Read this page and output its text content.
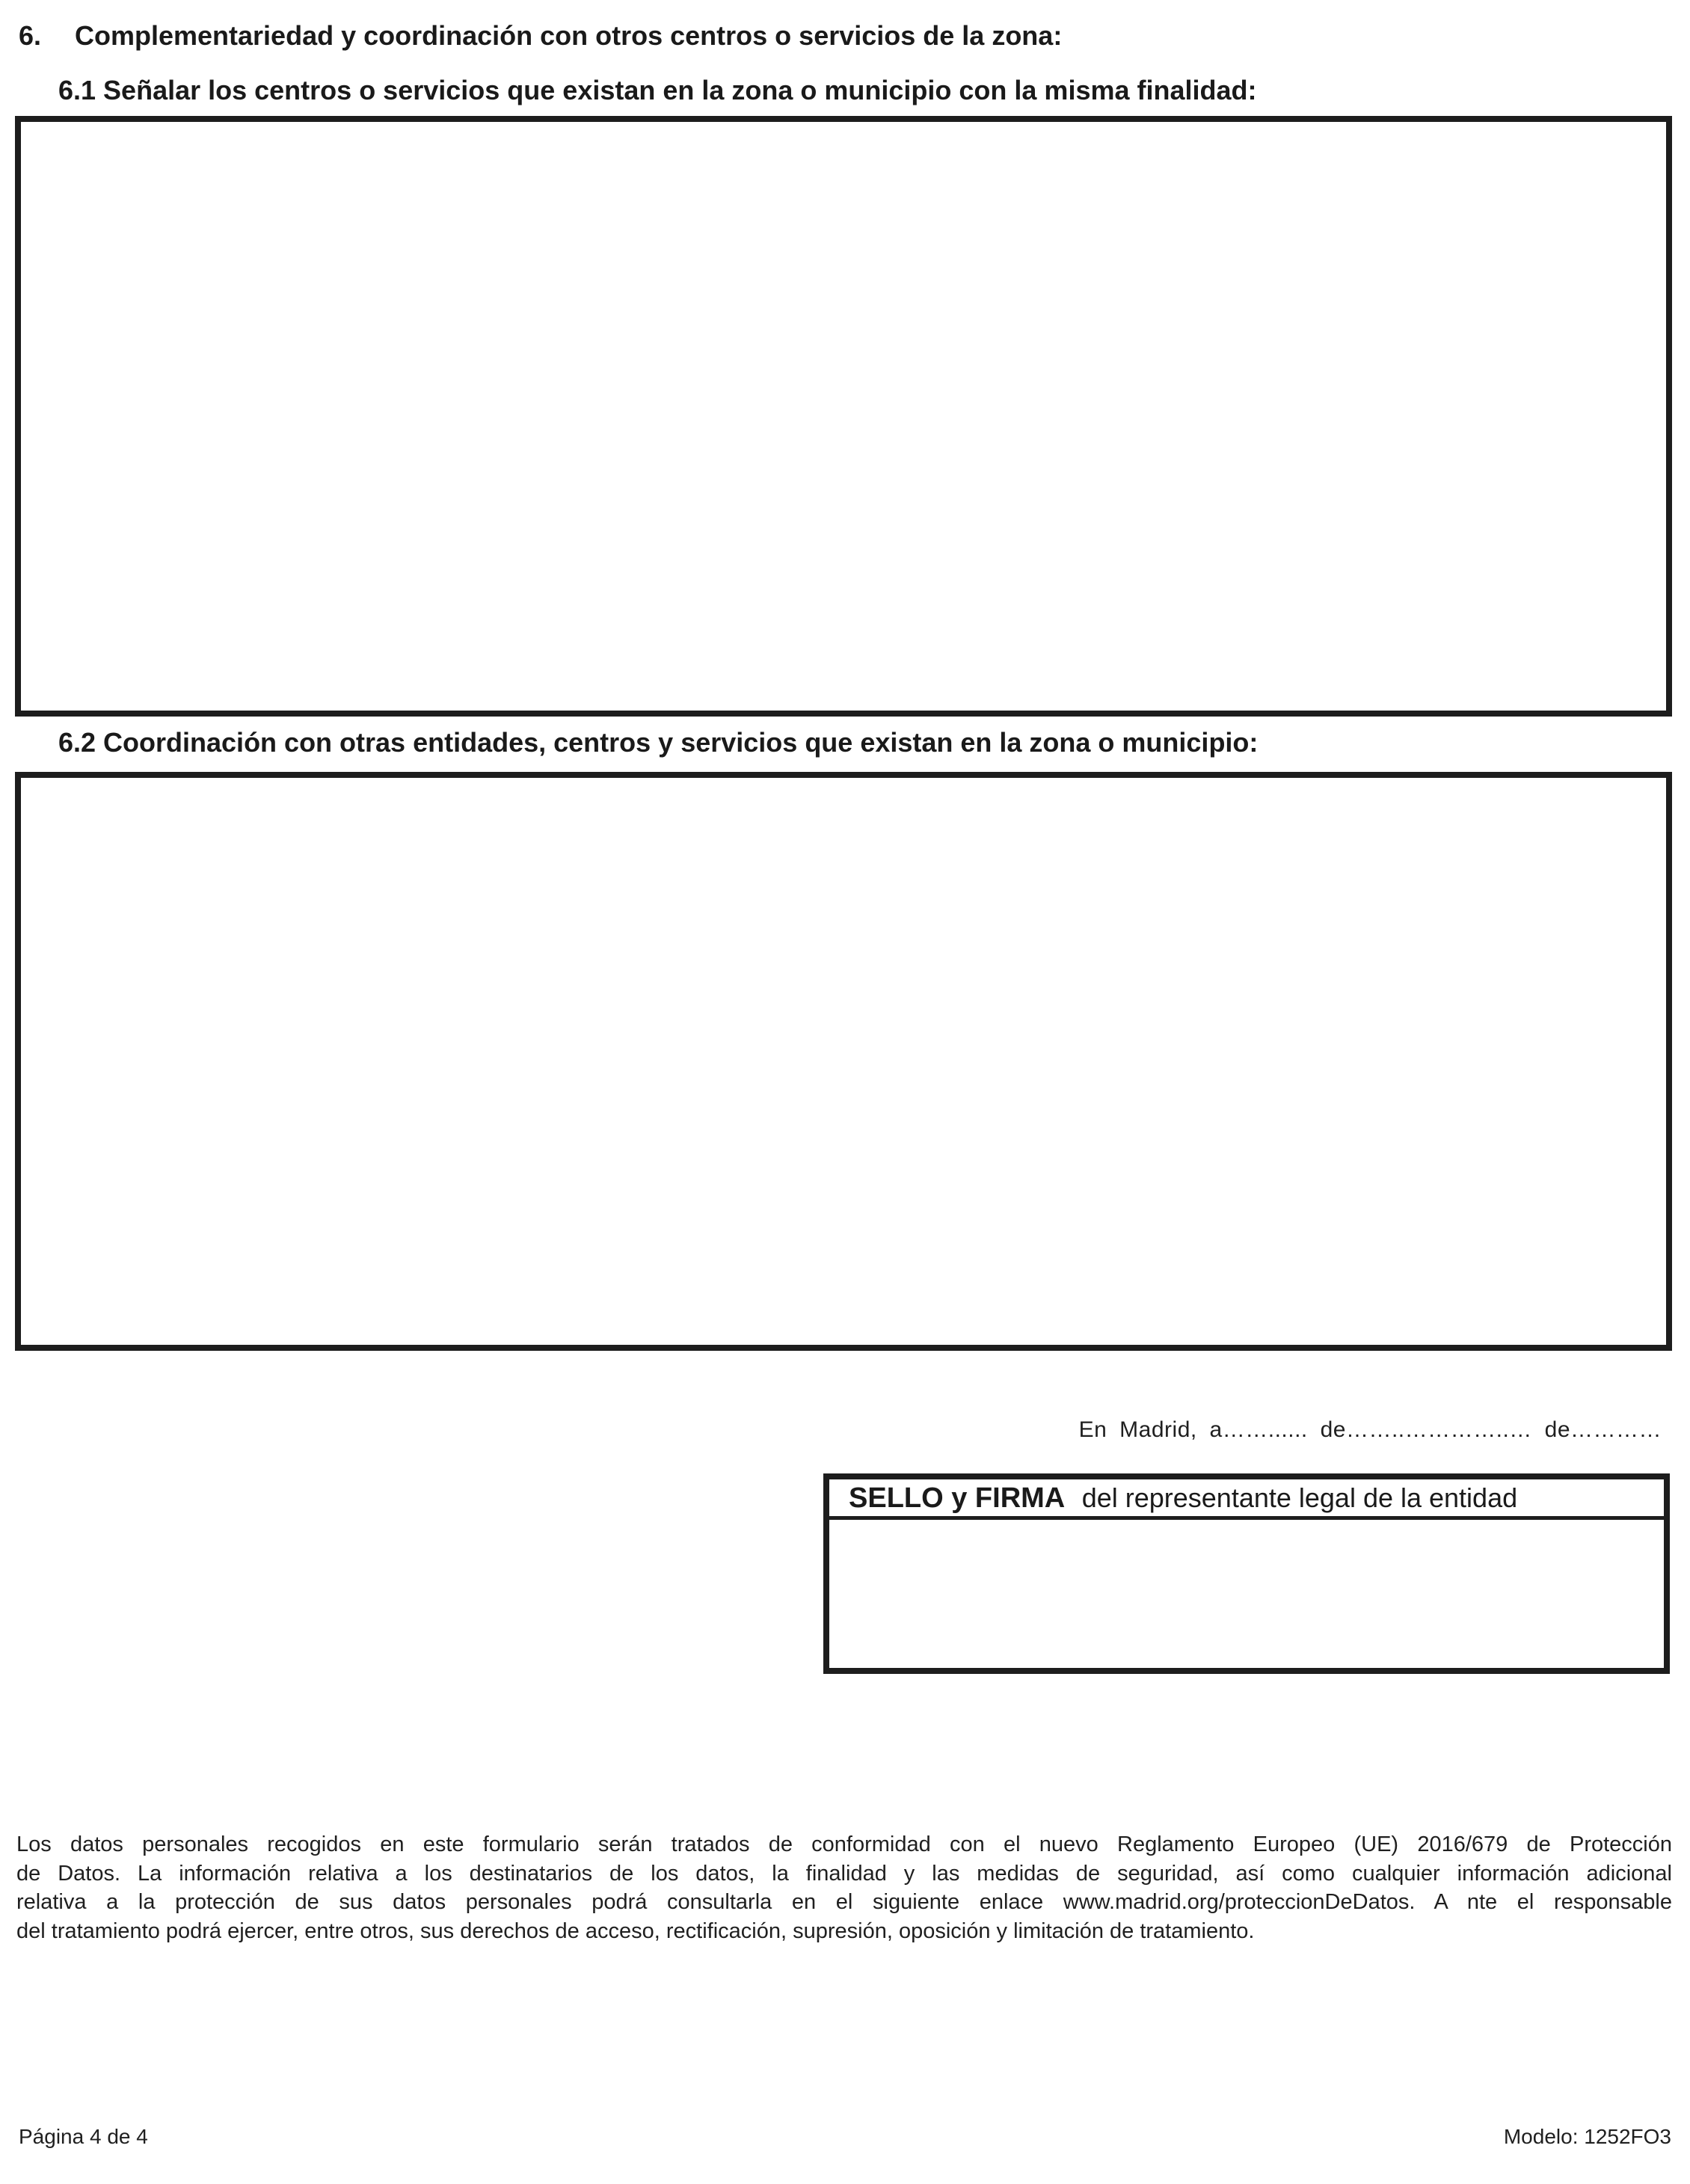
6.	Complementariedad y coordinación con otros centros o servicios de la zona:
6.1 Señalar los centros o servicios que existan en la zona o municipio con la misma finalidad:
6.2 Coordinación con otras entidades, centros y servicios que existan en la zona o municipio:
En Madrid, a……...... de……..…………..… de…………
SELLO y FIRMA del representante legal de la entidad
Los datos personales recogidos en este formulario serán tratados de conformidad con el nuevo Reglamento Europeo (UE) 2016/679 de Protección
de Datos. La información relativa a los destinatarios de los datos, la finalidad y las medidas de seguridad, así como cualquier información adicional
relativa a la protección de sus datos personales podrá consultarla en el siguiente enlace www.madrid.org/proteccionDeDatos. A nte el responsable
del tratamiento podrá ejercer, entre otros, sus derechos de acceso, rectificación, supresión, oposición y limitación de tratamiento.
Página 4 de 4	Modelo: 1252FO3
